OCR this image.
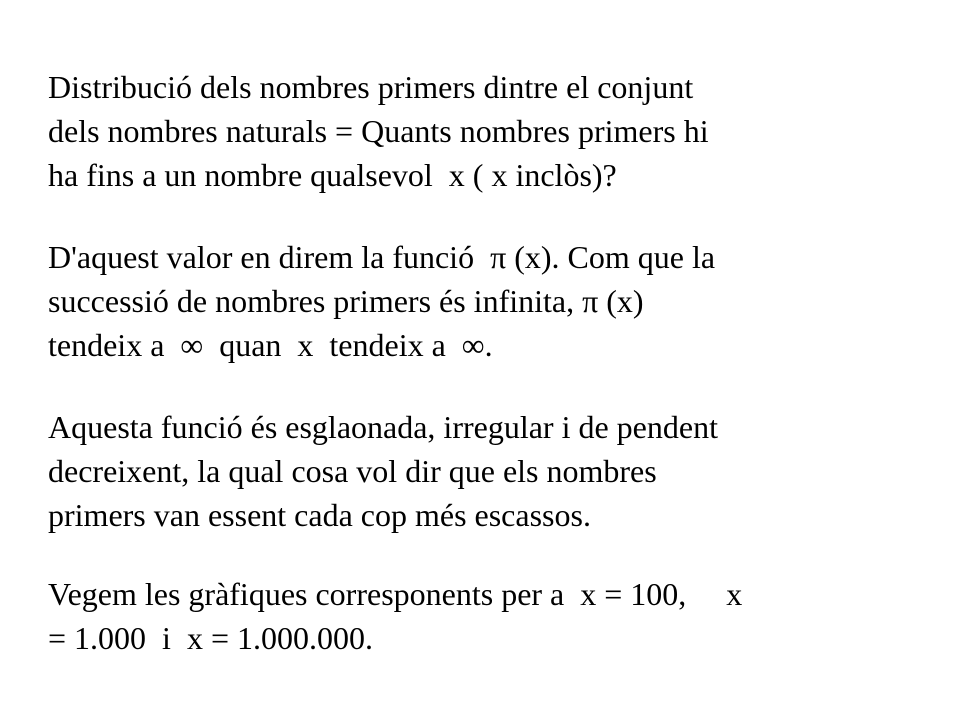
Distribució dels nombres primers dintre el conjunt
dels nombres naturals = Quants nombres primers hi
ha fins a un nombre qualsevol  x ( x inclòs)?

D'aquest valor en direm la funció  π (x). Com que la
successió de nombres primers és infinita, π (x)
tendeix a  ∞  quan  x  tendeix a  ∞.

Aquesta funció és esglaonada, irregular i de pendent
decreixent, la qual cosa vol dir que els nombres
primers van essent cada cop més escassos.

Vegem les gràfiques corresponents per a  x = 100,     x
= 1.000  i  x = 1.000.000.
